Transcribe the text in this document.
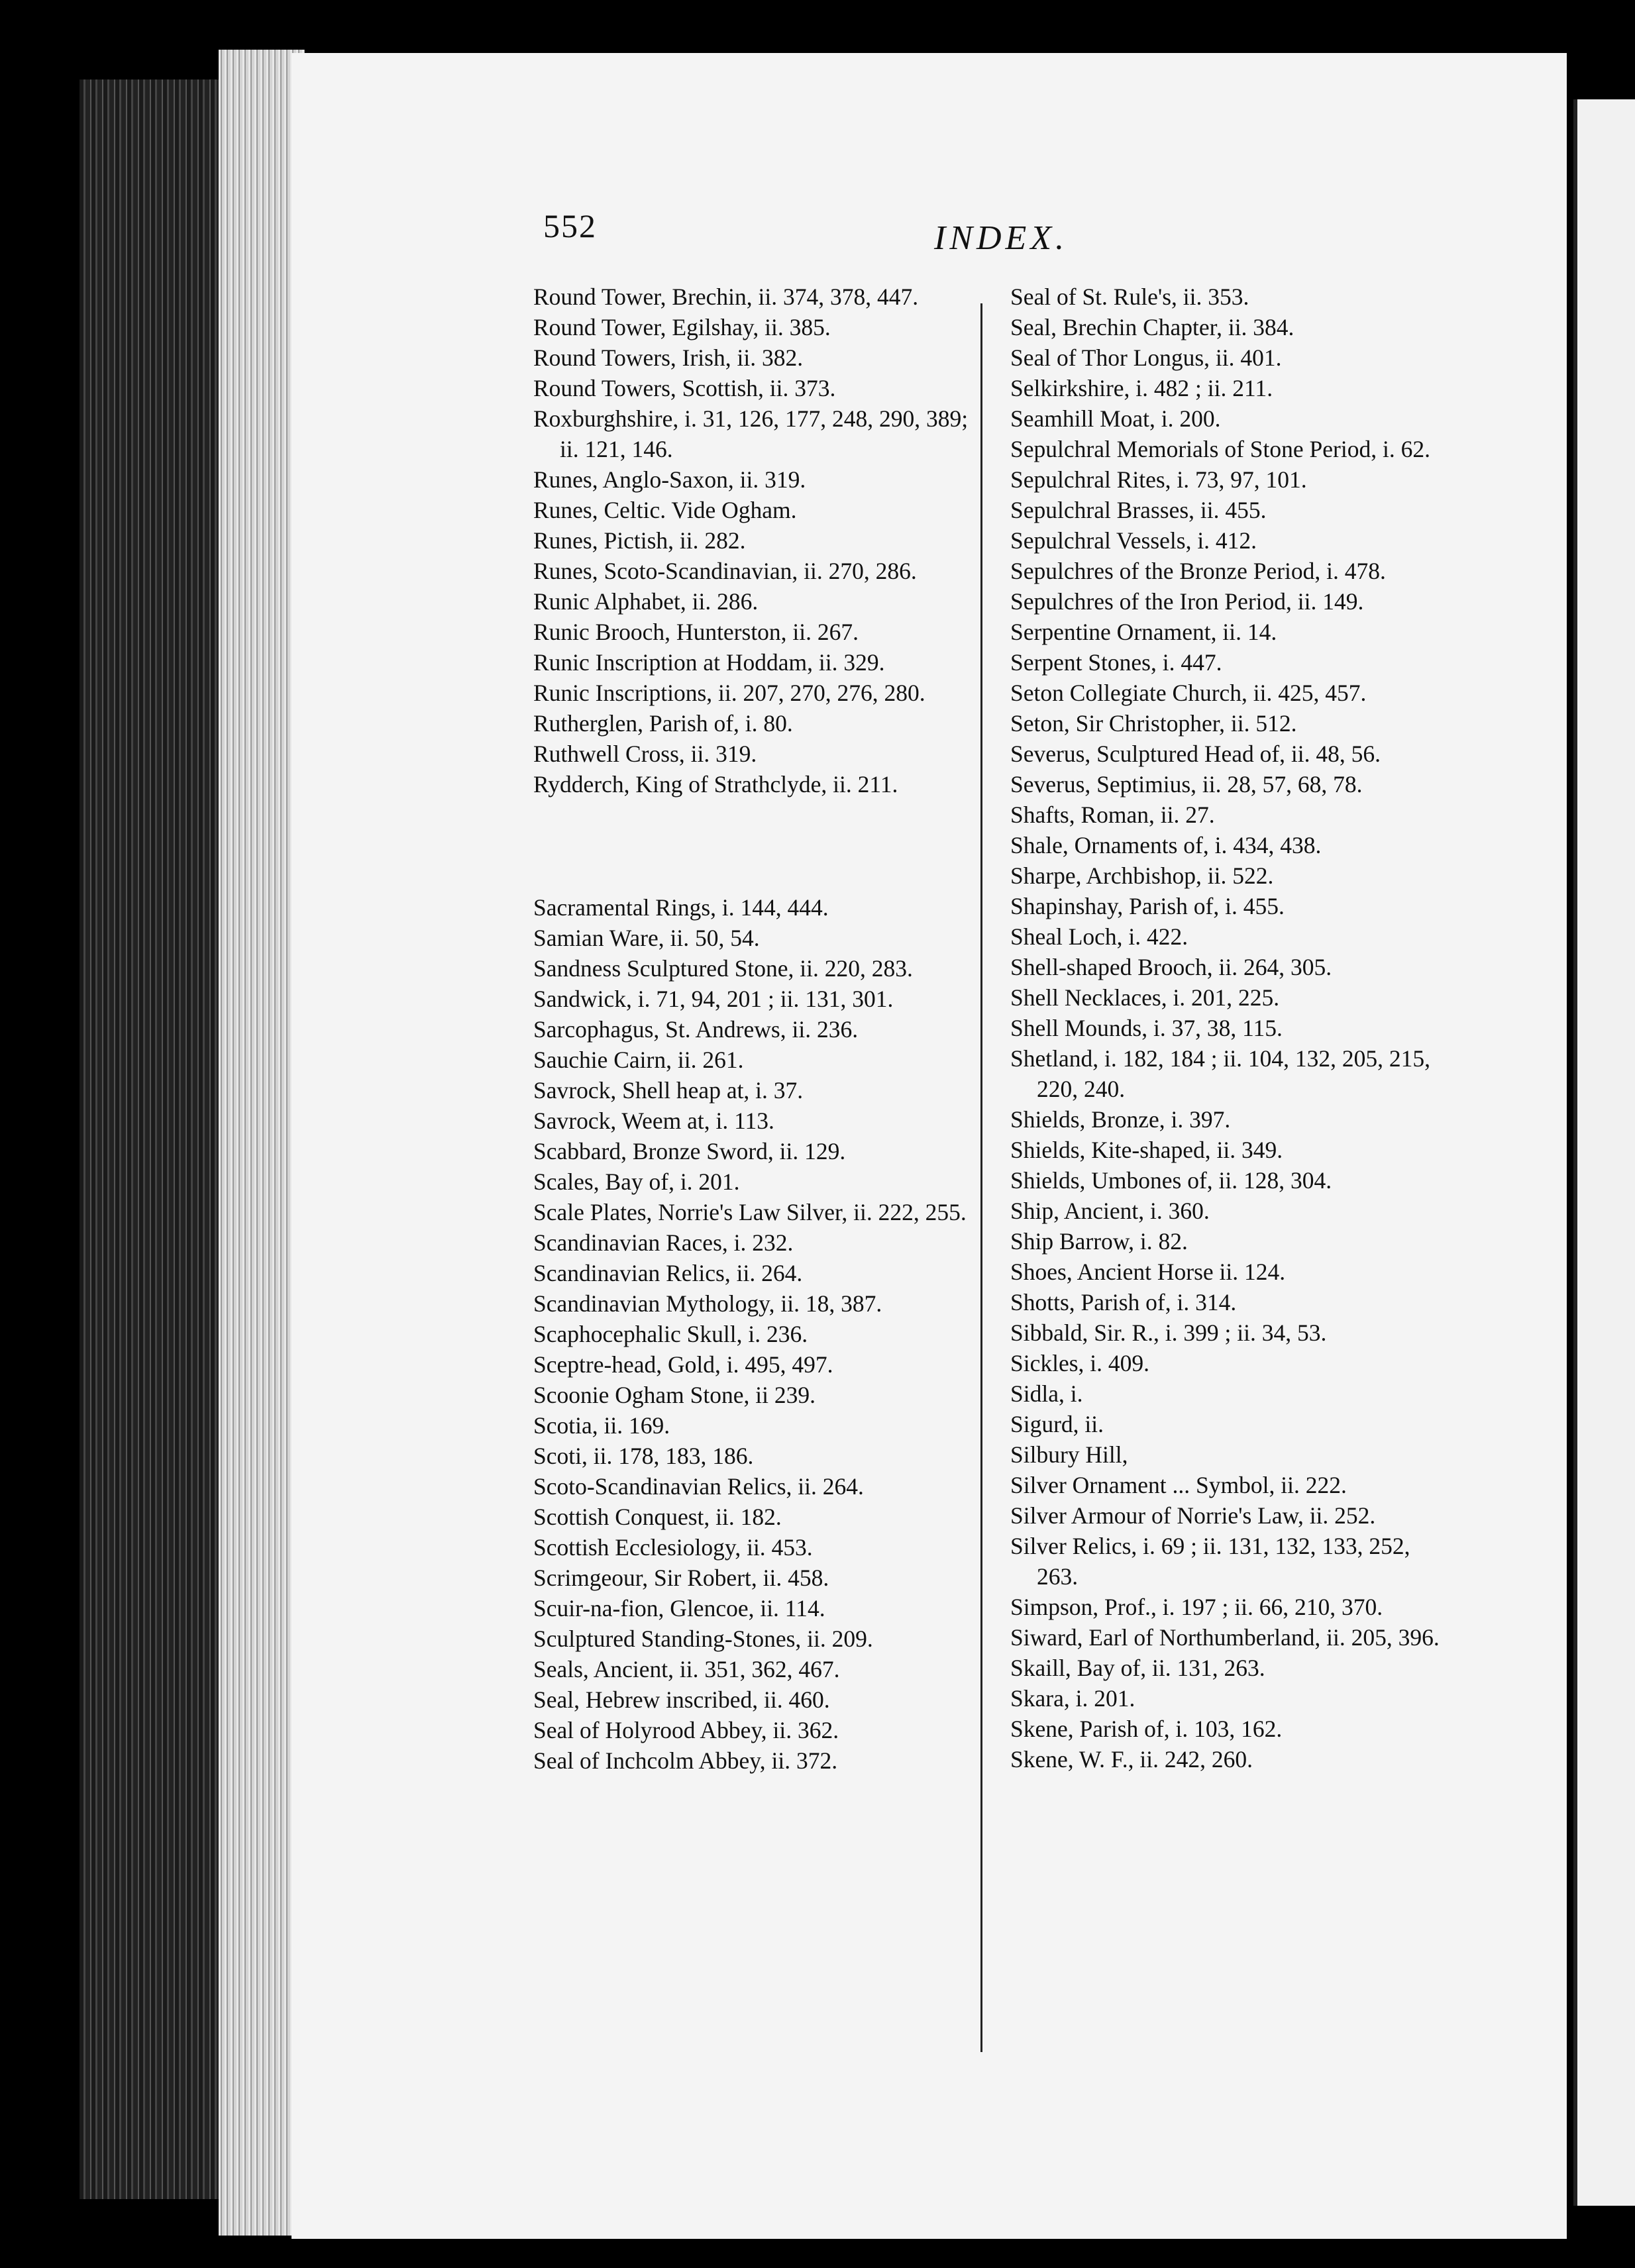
552	INDEX.
Round Tower, Brechin, ii. 374, 378, 447.
Round Tower, Egilshay, ii. 385.
Round Towers, Irish, ii. 382.
Round Towers, Scottish, ii. 373.
Roxburghshire, i. 31, 126, 177, 248, 290, 389; ii. 121, 146.
Runes, Anglo-Saxon, ii. 319.
Runes, Celtic. Vide Ogham.
Runes, Pictish, ii. 282.
Runes, Scoto-Scandinavian, ii. 270, 286.
Runic Alphabet, ii. 286.
Runic Brooch, Hunterston, ii. 267.
Runic Inscription at Hoddam, ii. 329.
Runic Inscriptions, ii. 207, 270, 276, 280.
Rutherglen, Parish of, i. 80.
Ruthwell Cross, ii. 319.
Rydderch, King of Strathclyde, ii. 211.
Sacramental Rings, i. 144, 444.
Samian Ware, ii. 50, 54.
Sandness Sculptured Stone, ii. 220, 283.
Sandwick, i. 71, 94, 201 ; ii. 131, 301.
Sarcophagus, St. Andrews, ii. 236.
Sauchie Cairn, ii. 261.
Savrock, Shell heap at, i. 37.
Savrock, Weem at, i. 113.
Scabbard, Bronze Sword, ii. 129.
Scales, Bay of, i. 201.
Scale Plates, Norrie's Law Silver, ii. 222, 255.
Scandinavian Races, i. 232.
Scandinavian Relics, ii. 264.
Scandinavian Mythology, ii. 18, 387.
Scaphocephalic Skull, i. 236.
Sceptre-head, Gold, i. 495, 497.
Scoonie Ogham Stone, ii 239.
Scotia, ii. 169.
Scoti, ii. 178, 183, 186.
Scoto-Scandinavian Relics, ii. 264.
Scottish Conquest, ii. 182.
Scottish Ecclesiology, ii. 453.
Scrimgeour, Sir Robert, ii. 458.
Scuir-na-fion, Glencoe, ii. 114.
Sculptured Standing-Stones, ii. 209.
Seals, Ancient, ii. 351, 362, 467.
Seal, Hebrew inscribed, ii. 460.
Seal of Holyrood Abbey, ii. 362.
Seal of Inchcolm Abbey, ii. 372.
Seal of St. Rule's, ii. 353.
Seal, Brechin Chapter, ii. 384.
Seal of Thor Longus, ii. 401.
Selkirkshire, i. 482 ; ii. 211.
Seamhill Moat, i. 200.
Sepulchral Memorials of Stone Period, i. 62.
Sepulchral Rites, i. 73, 97, 101.
Sepulchral Brasses, ii. 455.
Sepulchral Vessels, i. 412.
Sepulchres of the Bronze Period, i. 478.
Sepulchres of the Iron Period, ii. 149.
Serpentine Ornament, ii. 14.
Serpent Stones, i. 447.
Seton Collegiate Church, ii. 425, 457.
Seton, Sir Christopher, ii. 512.
Severus, Sculptured Head of, ii. 48, 56.
Severus, Septimius, ii. 28, 57, 68, 78.
Shafts, Roman, ii. 27.
Shale, Ornaments of, i. 434, 438.
Sharpe, Archbishop, ii. 522.
Shapinshay, Parish of, i. 455.
Sheal Loch, i. 422.
Shell-shaped Brooch, ii. 264, 305.
Shell Necklaces, i. 201, 225.
Shell Mounds, i. 37, 38, 115.
Shetland, i. 182, 184 ; ii. 104, 132, 205, 215, 220, 240.
Shields, Bronze, i. 397.
Shields, Kite-shaped, ii. 349.
Shields, Umbones of, ii. 128, 304.
Ship, Ancient, i. 360.
Ship Barrow, i. 82.
Shoes, Ancient Horse ii. 124.
Shotts, Parish of, i. 314.
Sibbald, Sir. R., i. 399 ; ii. 34, 53.
Sickles, i. 409.
Sidla, i.
Sigurd, ii.
Silbury Hill,
Silver Ornament ... Symbol, ii. 222.
Silver Armour of Norrie's Law, ii. 252.
Silver Relics, i. 69 ; ii. 131, 132, 133, 252, 263.
Simpson, Prof., i. 197 ; ii. 66, 210, 370.
Siward, Earl of Northumberland, ii. 205, 396.
Skaill, Bay of, ii. 131, 263.
Skara, i. 201.
Skene, Parish of, i. 103, 162.
Skene, W. F., ii. 242, 260.
